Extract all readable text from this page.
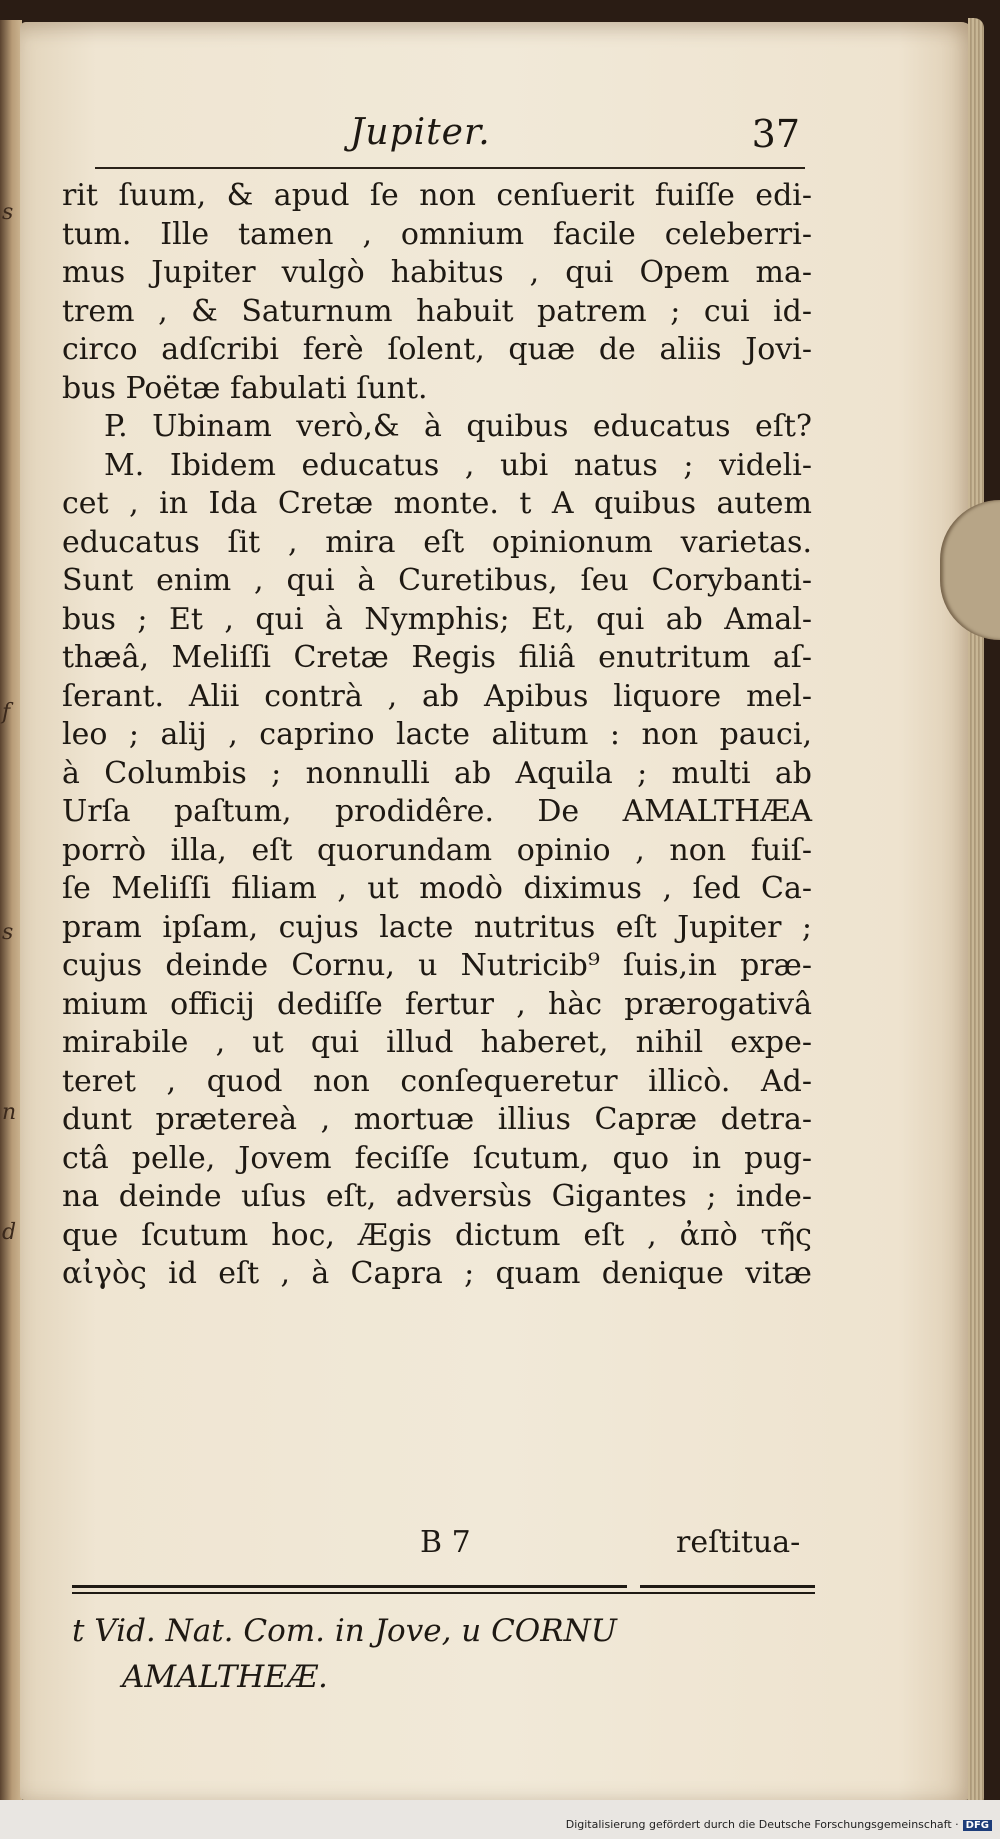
s
f
s
n
d
Jupiter.	37
rit ſuum, & apud ſe non cenſuerit fuiſſe edi-
tum. Ille tamen , omnium facile celeberri-
mus Jupiter vulgò habitus , qui Opem ma-
trem , & Saturnum habuit patrem ; cui id-
circo adſcribi ferè ſolent, quæ de aliis Jovi-
bus Poëtæ fabulati ſunt.
P. Ubinam verò,& à quibus educatus eſt?
M. Ibidem educatus , ubi natus ; videli-
cet , in Ida Cretæ monte. t A quibus autem
educatus ſit , mira eſt opinionum varietas.
Sunt enim , qui à Curetibus, ſeu Corybanti-
bus ; Et , qui à Nymphis; Et, qui ab Amal-
thæâ, Meliſſi Cretæ Regis filiâ enutritum aſ-
ſerant. Alii contrà , ab Apibus liquore mel-
leo ; alij , caprino lacte alitum : non pauci,
à Columbis ; nonnulli ab Aquila ; multi ab
Urſa paſtum, prodidêre. De AMALTHÆA
porrò illa, eſt quorundam opinio , non fuiſ-
ſe Meliſſi filiam , ut modò diximus , ſed Ca-
pram ipſam, cujus lacte nutritus eſt Jupiter ;
cujus deinde Cornu, u Nutricib⁹ ſuis,in præ-
mium officij dediſſe fertur , hàc prærogativâ
mirabile , ut qui illud haberet, nihil expe-
teret , quod non conſequeretur illicò. Ad-
dunt prætereà , mortuæ illius Capræ detra-
ctâ pelle, Jovem feciſſe ſcutum, quo in pug-
na deinde uſus eſt, adversùs Gigantes ; inde-
que ſcutum hoc, Ægis dictum eſt , ἀπὸ τῆς
αἰγὸς id eſt , à Capra ; quam denique vitæ
B 7	reſtitua-
t Vid. Nat. Com. in Jove, u CORNU
AMALTHEÆ.
Digitalisierung gefördert durch die Deutsche Forschungsgemeinschaft · DFG
